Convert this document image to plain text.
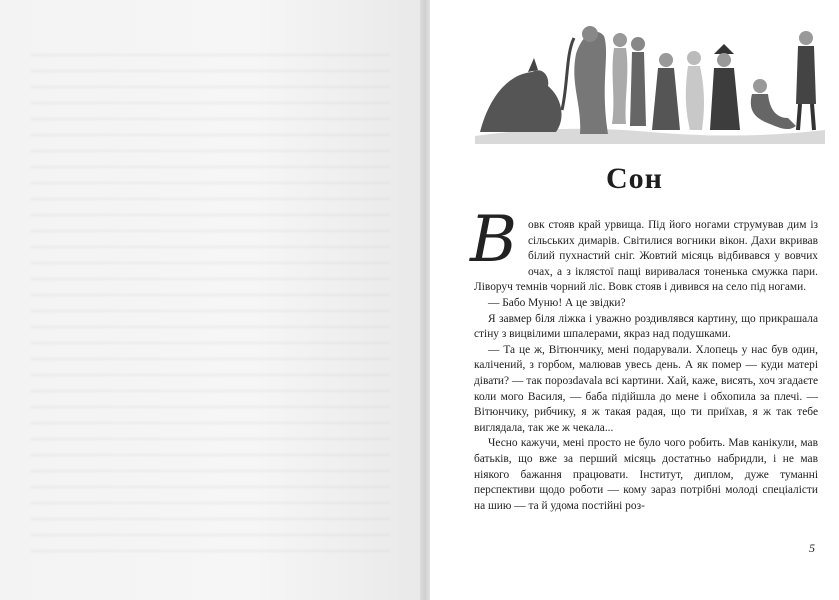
Сон

В овк стояв край урвища. Під його ногами струмував дим із сільських димарів. Світилися вогники вікон. Дахи вкривав білий пухнастий сніг. Жовтий місяць відбивався у вовчих очах, а з іклястої пащі виривалася тоненька смужка пари. Ліворуч темнів чорний ліс. Вовк стояв і дивився на село під ногами.

— Бабо Муню! А це звідки?

Я завмер біля ліжка і уважно роздивлявся картину, що прикрашала стіну з вицвілими шпалерами, якраз над подушками.

— Та це ж, Вітюнчику, мені подарували. Хлопець у нас був один, калічений, з горбом, малював увесь день. А як помер — куди матері дівати? — так порозdavala всі картини. Хай, каже, висять, хоч згадаєте коли мого Василя, — баба підійшла до мене і обхопила за плечі. — Вітюнчику, рибчику, я ж такая радая, що ти приїхав, я ж так тебе виглядала, так же ж чекала...

Чесно кажучи, мені просто не було чого робить. Мав канікули, мав батьків, що вже за перший місяць достатньо набридли, і не мав ніякого бажання працювати. Інститут, диплом, дуже туманні перспективи щодо роботи — кому зараз потрібні молоді спеціалісти на шию — та й удома постійні роз-

5
